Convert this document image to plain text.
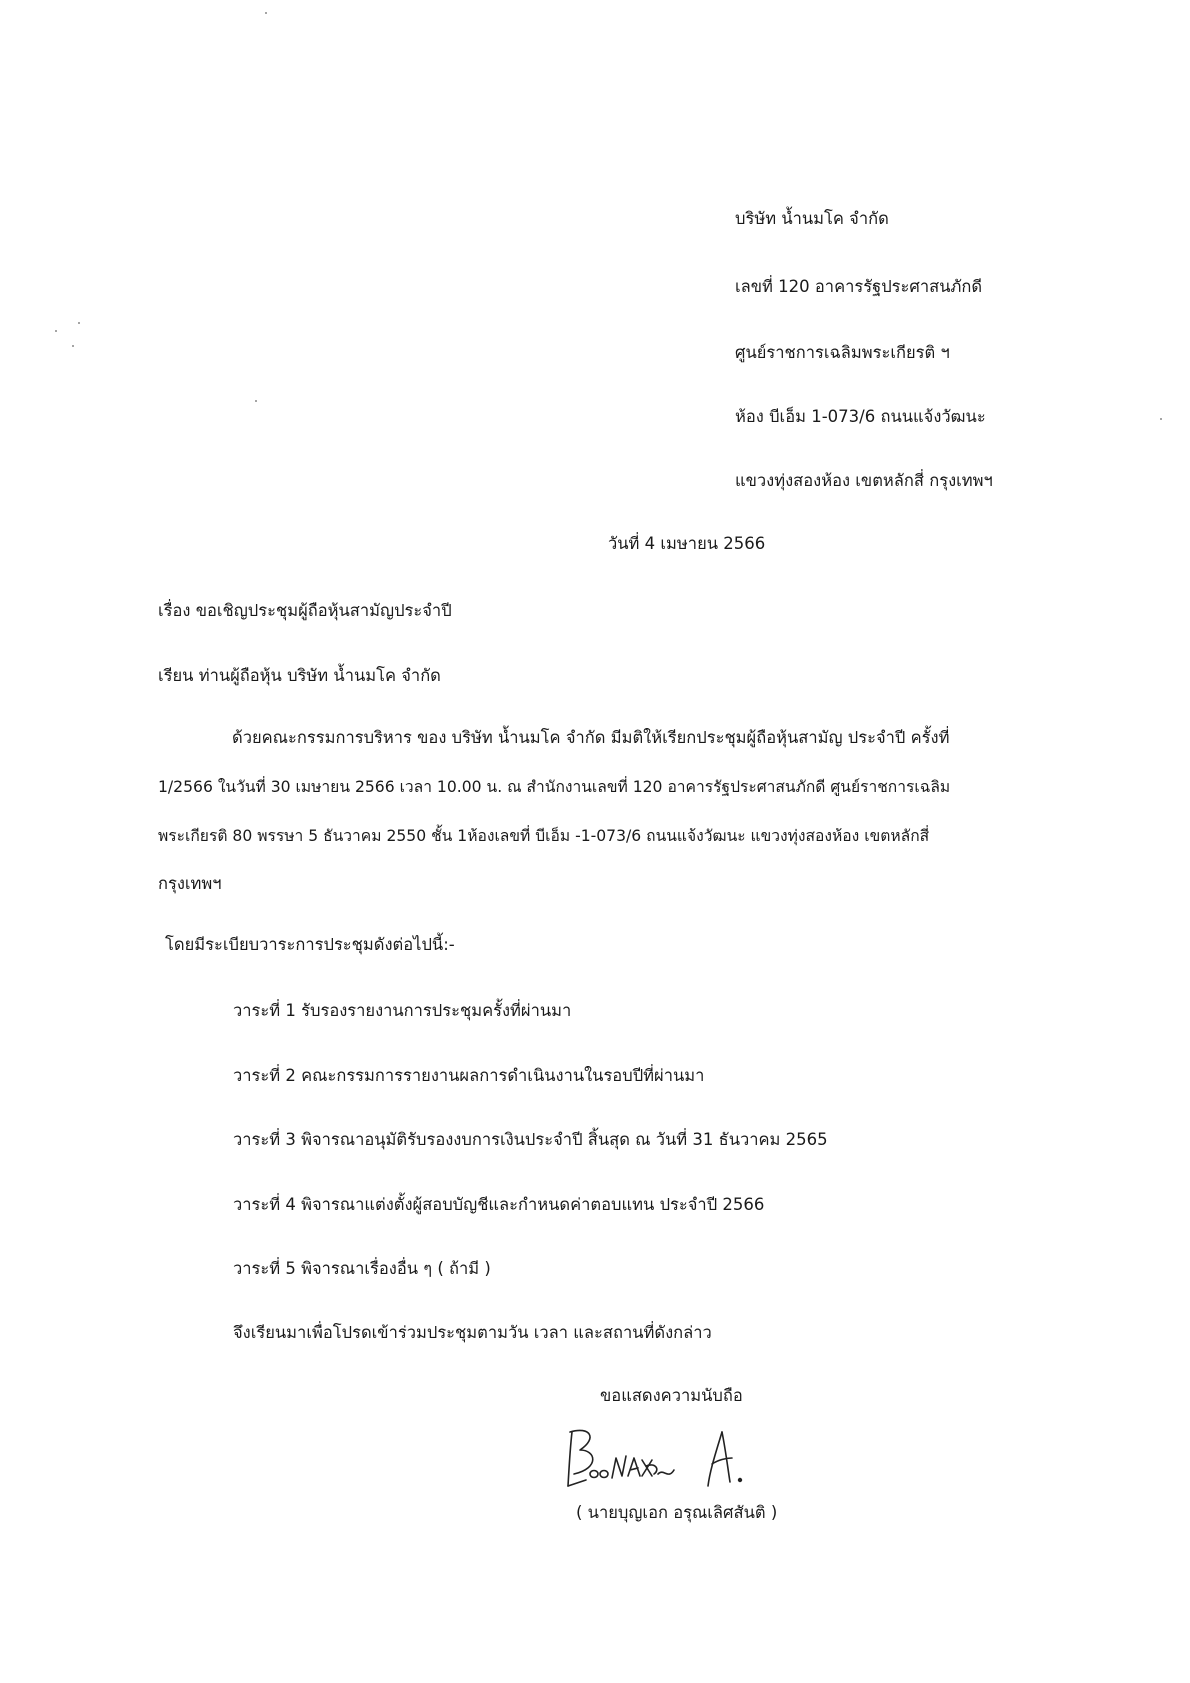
บริษัท น้ำนมโค จำกัด
เลขที่ 120 อาคารรัฐประศาสนภักดี
ศูนย์ราชการเฉลิมพระเกียรติ ฯ
ห้อง บีเอ็ม 1-073/6 ถนนแจ้งวัฒนะ
แขวงทุ่งสองห้อง เขตหลักสี่ กรุงเทพฯ
วันที่ 4 เมษายน 2566
เรื่อง ขอเชิญประชุมผู้ถือหุ้นสามัญประจำปี
เรียน ท่านผู้ถือหุ้น บริษัท น้ำนมโค จำกัด
ด้วยคณะกรรมการบริหาร ของ บริษัท น้ำนมโค จำกัด มีมติให้เรียกประชุมผู้ถือหุ้นสามัญ ประจำปี ครั้งที่
1/2566 ในวันที่ 30 เมษายน 2566 เวลา 10.00 น. ณ สำนักงานเลขที่ 120 อาคารรัฐประศาสนภักดี ศูนย์ราชการเฉลิม
พระเกียรติ 80 พรรษา 5 ธันวาคม 2550 ชั้น 1ห้องเลขที่ บีเอ็ม -1-073/6 ถนนแจ้งวัฒนะ แขวงทุ่งสองห้อง เขตหลักสี่
กรุงเทพฯ
โดยมีระเบียบวาระการประชุมดังต่อไปนี้:-
วาระที่ 1 รับรองรายงานการประชุมครั้งที่ผ่านมา
วาระที่ 2 คณะกรรมการรายงานผลการดำเนินงานในรอบปีที่ผ่านมา
วาระที่ 3 พิจารณาอนุมัติรับรองงบการเงินประจำปี สิ้นสุด ณ วันที่ 31 ธันวาคม 2565
วาระที่ 4 พิจารณาแต่งตั้งผู้สอบบัญชีและกำหนดค่าตอบแทน ประจำปี 2566
วาระที่ 5 พิจารณาเรื่องอื่น ๆ ( ถ้ามี )
จึงเรียนมาเพื่อโปรดเข้าร่วมประชุมตามวัน เวลา และสถานที่ดังกล่าว
ขอแสดงความนับถือ
( นายบุญเอก อรุณเลิศสันติ )
